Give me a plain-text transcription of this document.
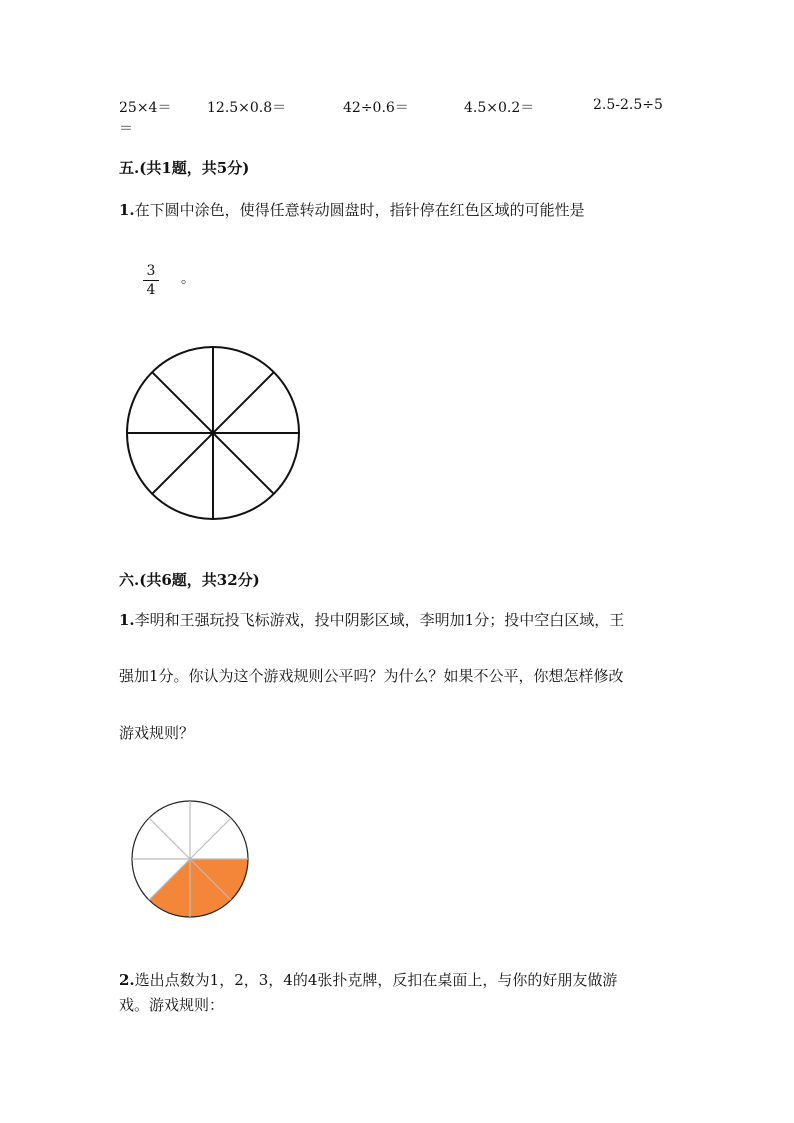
25×4＝	12.5×0.8＝	42÷0.6＝	4.5×0.2＝	2.5-2.5÷5
＝
五.(共1题，共5分)
1.在下圆中涂色，使得任意转动圆盘时，指针停在红色区域的可能性是
3
4
。
六.(共6题，共32分)
1.李明和王强玩投飞标游戏，投中阴影区域，李明加1分；投中空白区域，王
强加1分。你认为这个游戏规则公平吗？为什么？如果不公平，你想怎样修改
游戏规则？
2.选出点数为1，2，3，4的4张扑克牌，反扣在桌面上，与你的好朋友做游
戏。游戏规则：
